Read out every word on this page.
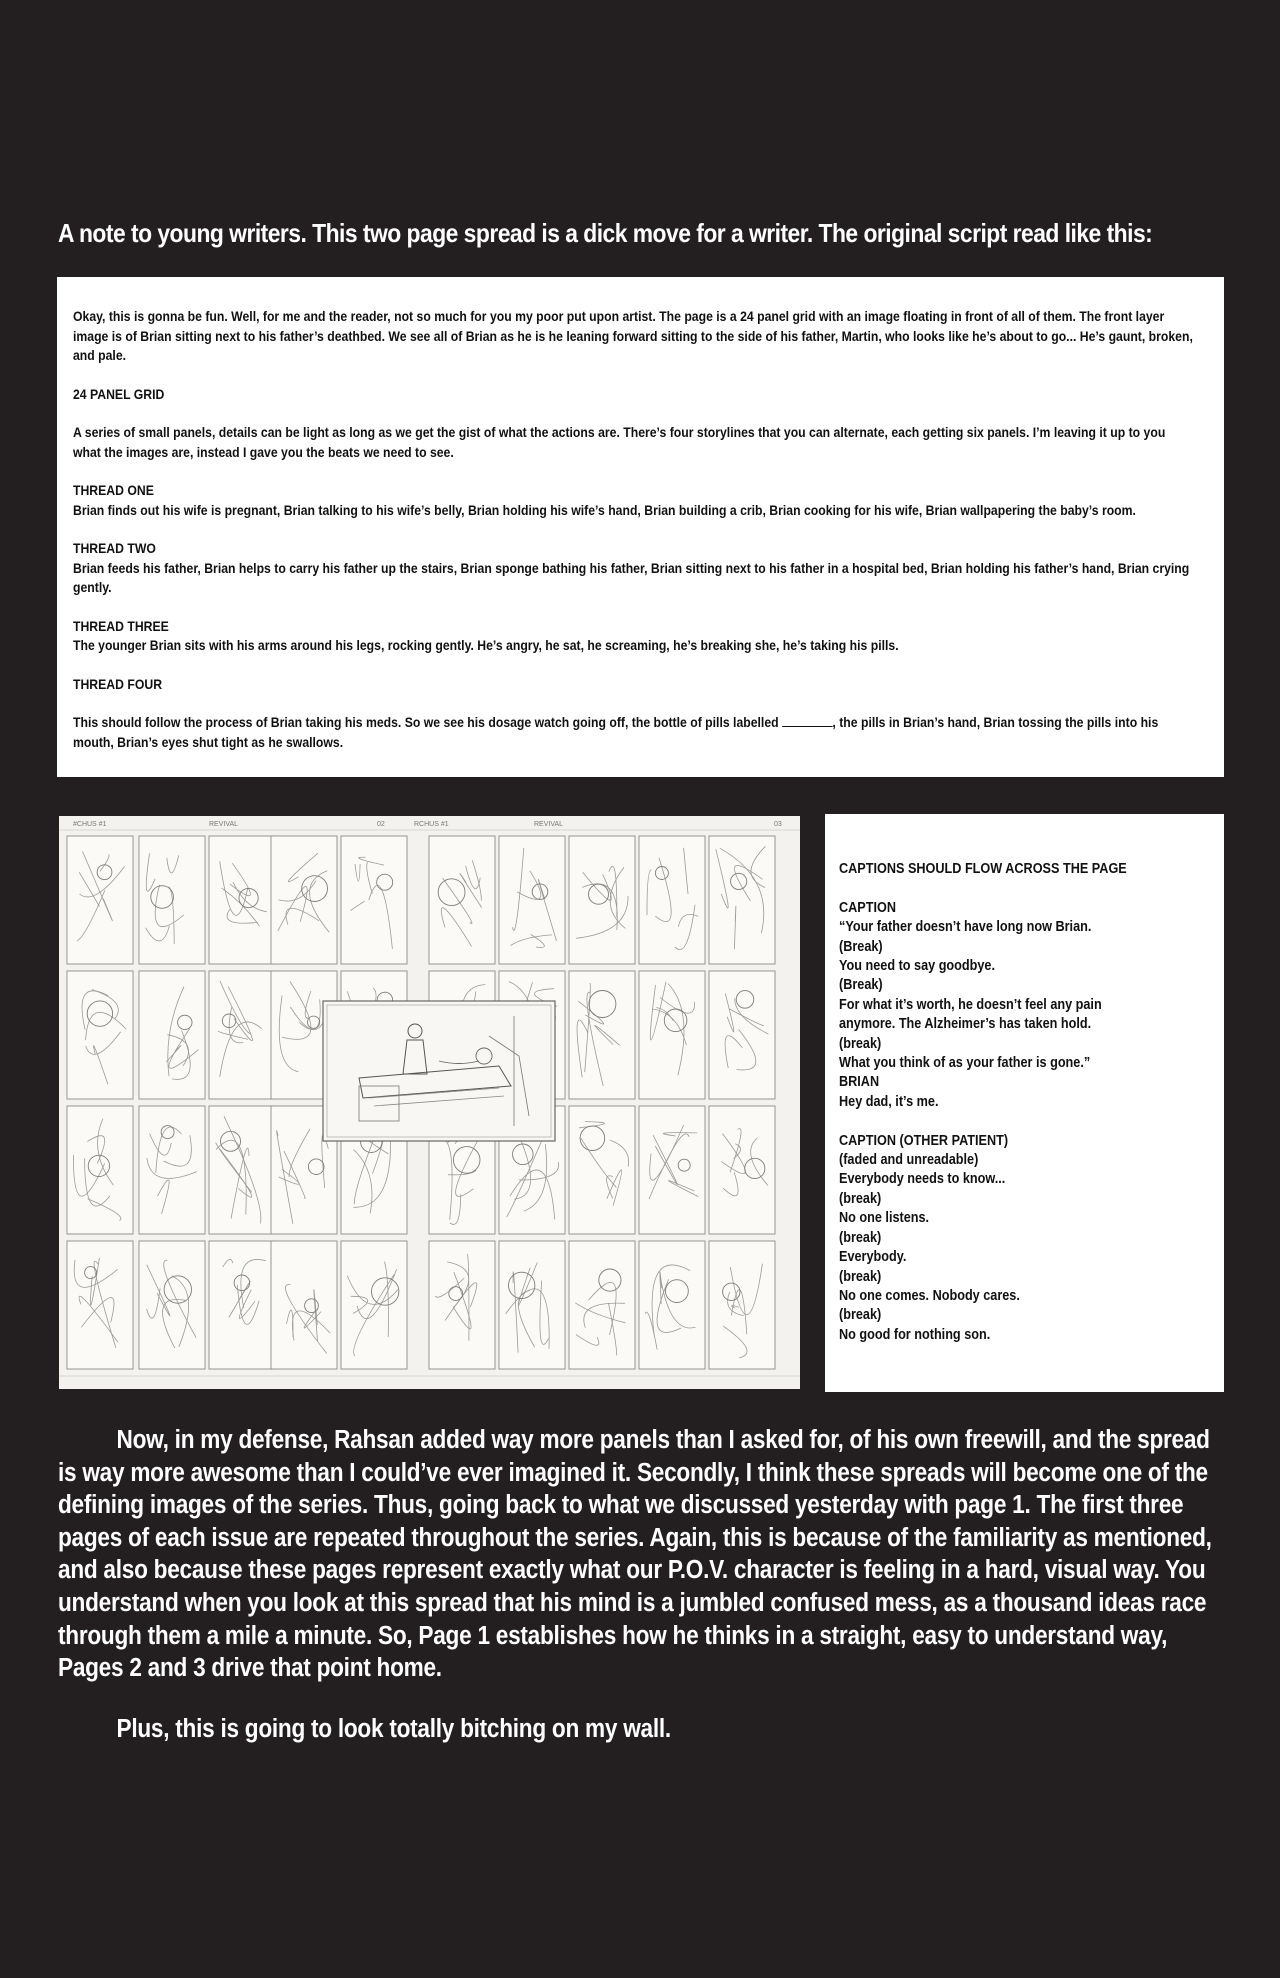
A note to young writers. This two page spread is a dick move for a writer. The original script read like this:

Okay, this is gonna be fun. Well, for me and the reader, not so much for you my poor put upon artist. The page is a 24 panel grid with an image floating in front of all of them. The front layer image is of Brian sitting next to his father’s deathbed. We see all of Brian as he is he leaning forward sitting to the side of his father, Martin, who looks like he’s about to go... He’s gaunt, broken, and pale.

24 PANEL GRID

A series of small panels, details can be light as long as we get the gist of what the actions are. There’s four storylines that you can alternate, each getting six panels. I’m leaving it up to you what the images are, instead I gave you the beats we need to see.

THREAD ONE

Brian finds out his wife is pregnant, Brian talking to his wife’s belly, Brian holding his wife’s hand, Brian building a crib, Brian cooking for his wife, Brian wallpapering the baby’s room.

THREAD TWO

Brian feeds his father, Brian helps to carry his father up the stairs, Brian sponge bathing his father, Brian sitting next to his father in a hospital bed, Brian holding his father’s hand, Brian crying gently.

THREAD THREE

The younger Brian sits with his arms around his legs, rocking gently. He’s angry, he sat, he screaming, he’s breaking she, he’s taking his pills.

THREAD FOUR

This should follow the process of Brian taking his meds. So we see his dosage watch going off, the bottle of pills labelled	, the pills in Brian’s hand, Brian tossing the pills into his mouth, Brian’s eyes shut tight as he swallows.

#CHUS #1	REVIVAL	02	RCHUS #1	REVIVAL	03
CAPTIONS SHOULD FLOW ACROSS THE PAGE
CAPTION
“Your father doesn’t have long now Brian.
(Break)
You need to say goodbye.
(Break)
For what it’s worth, he doesn’t feel any pain
anymore. The Alzheimer’s has taken hold.
(break)
What you think of as your father is gone.”
BRIAN
Hey dad, it’s me.
CAPTION (OTHER PATIENT)
(faded and unreadable)
Everybody needs to know...
(break)
No one listens.
(break)
Everybody.
(break)
No one comes. Nobody cares.
(break)
No good for nothing son.

Now, in my defense, Rahsan added way more panels than I asked for, of his own freewill, and the spread is way more awesome than I could’ve ever imagined it. Secondly, I think these spreads will become one of the defining images of the series. Thus, going back to what we discussed yesterday with page 1. The first three pages of each issue are repeated throughout the series. Again, this is because of the familiarity as mentioned, and also because these pages represent exactly what our P.O.V. character is feeling in a hard, visual way. You understand when you look at this spread that his mind is a jumbled confused mess, as a thousand ideas race through them a mile a minute. So, Page 1 establishes how he thinks in a straight, easy to understand way, Pages 2 and 3 drive that point home.

Plus, this is going to look totally bitching on my wall.
